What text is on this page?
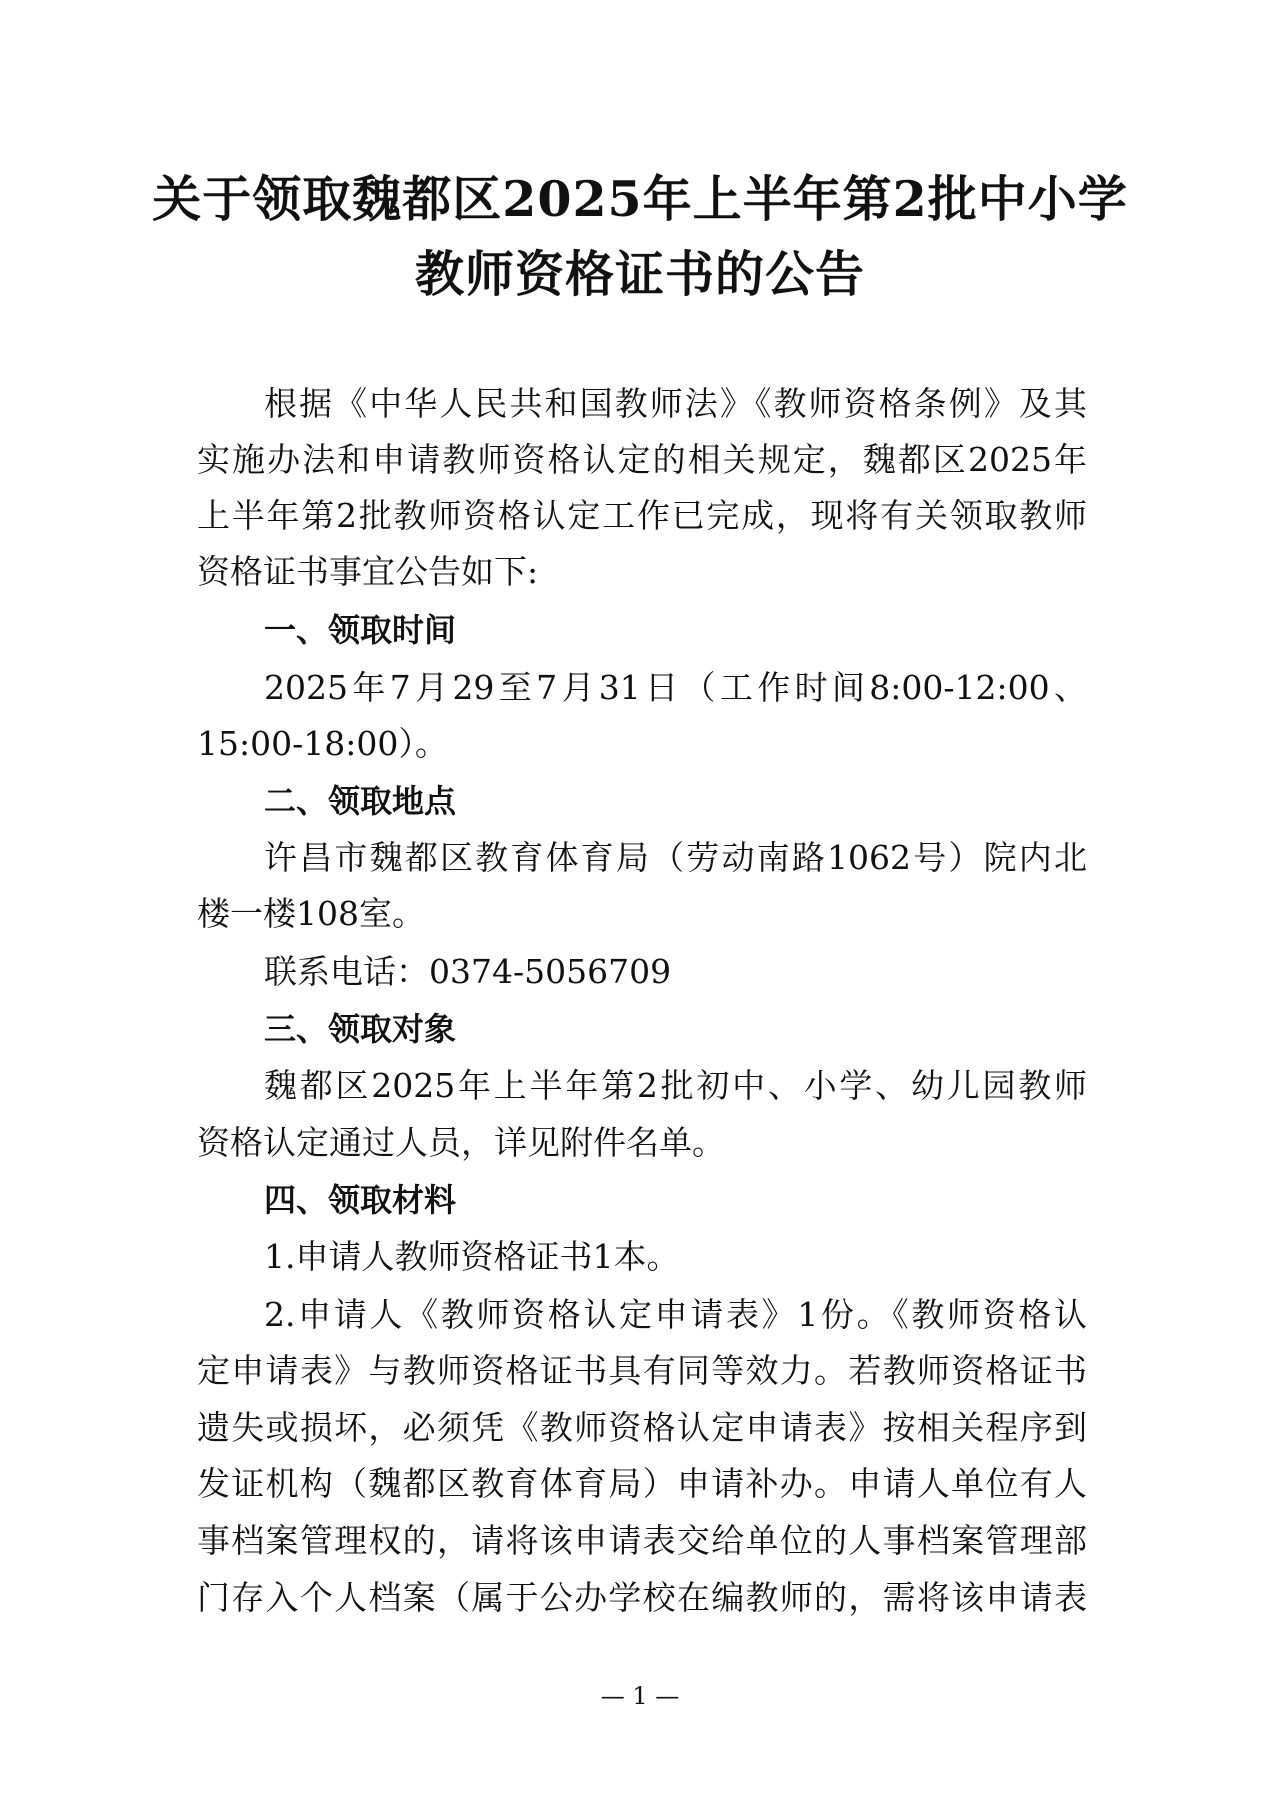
关于领取魏都区2025年上半年第2批中小学
教师资格证书的公告
根据《中华人民共和国教师法》《教师资格条例》及其
实施办法和申请教师资格认定的相关规定，魏都区2025年
上半年第2批教师资格认定工作已完成，现将有关领取教师
资格证书事宜公告如下:
一、领取时间
2025年7月29至7月31日（工作时间8:00-12:00、
15:00-18:00）。
二、领取地点
许昌市魏都区教育体育局（劳动南路1062号）院内北
楼一楼108室。
联系电话：0374-5056709
三、领取对象
魏都区2025年上半年第2批初中、小学、幼儿园教师
资格认定通过人员，详见附件名单。
四、领取材料
1.申请人教师资格证书1本。
2.申请人《教师资格认定申请表》1份。《教师资格认
定申请表》与教师资格证书具有同等效力。若教师资格证书
遗失或损坏，必须凭《教师资格认定申请表》按相关程序到
发证机构（魏都区教育体育局）申请补办。申请人单位有人
事档案管理权的，请将该申请表交给单位的人事档案管理部
门存入个人档案（属于公办学校在编教师的，需将该申请表
— 1 —
